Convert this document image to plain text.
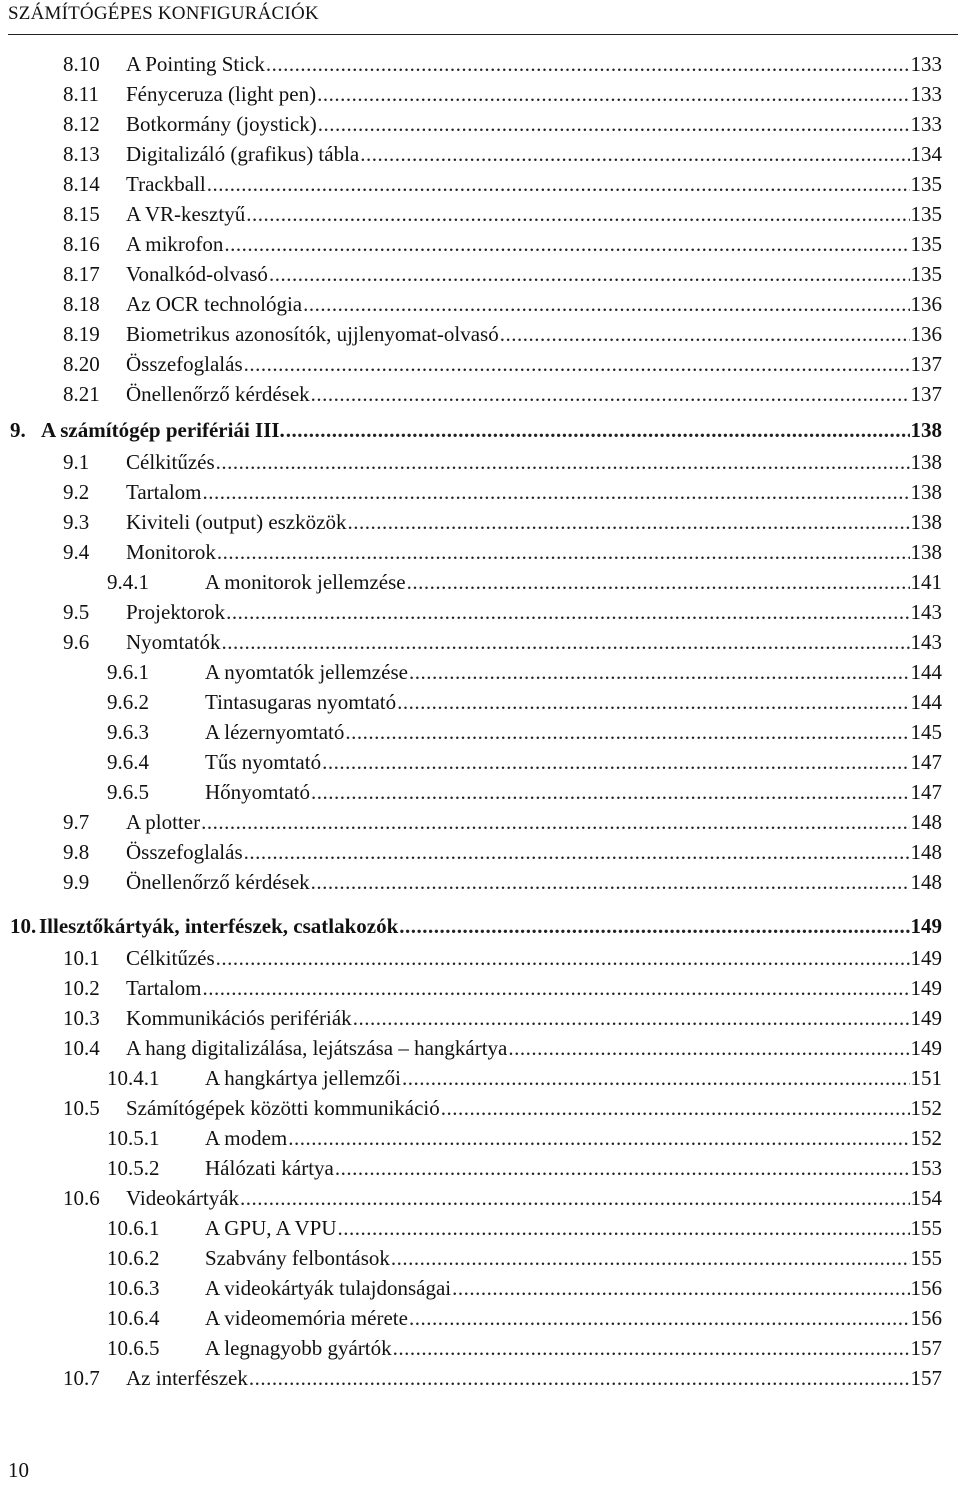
SZÁMÍTÓGÉPES KONFIGURÁCIÓK
8.10	A Pointing Stick .....	133
8.11	Fényceruza (light pen) .....	133
8.12	Botkormány (joystick) .....	133
8.13	Digitalizáló (grafikus) tábla .....	134
8.14	Trackball .....	135
8.15	A VR-kesztyű .....	135
8.16	A mikrofon .....	135
8.17	Vonalkód-olvasó .....	135
8.18	Az OCR technológia .....	136
8.19	Biometrikus azonosítók, ujjlenyomat-olvasó .....	136
8.20	Összefoglalás .....	137
8.21	Önellenőrző kérdések .....	137
9. A számítógép perifériái III. .....	138
9.1	Célkitűzés .....	138
9.2	Tartalom .....	138
9.3	Kiviteli (output) eszközök .....	138
9.4	Monitorok .....	138
9.4.1	A monitorok jellemzése .....	141
9.5	Projektorok .....	143
9.6	Nyomtatók .....	143
9.6.1	A nyomtatók jellemzése .....	144
9.6.2	Tintasugaras nyomtató .....	144
9.6.3	A lézernyomtató .....	145
9.6.4	Tűs nyomtató .....	147
9.6.5	Hőnyomtató .....	147
9.7	A plotter .....	148
9.8	Összefoglalás .....	148
9.9	Önellenőrző kérdések .....	148
10. Illesztőkártyák, interfészek, csatlakozók .....	149
10.1	Célkitűzés .....	149
10.2	Tartalom .....	149
10.3	Kommunikációs perifériák .....	149
10.4	A hang digitalizálása, lejátszása – hangkártya .....	149
10.4.1	A hangkártya jellemzői .....	151
10.5	Számítógépek közötti kommunikáció .....	152
10.5.1	A modem .....	152
10.5.2	Hálózati kártya .....	153
10.6	Videokártyák .....	154
10.6.1	A GPU, A VPU .....	155
10.6.2	Szabvány felbontások .....	155
10.6.3	A videokártyák tulajdonságai .....	156
10.6.4	A videomemória mérete .....	156
10.6.5	A legnagyobb gyártók .....	157
10.7	Az interfészek .....	157
10
